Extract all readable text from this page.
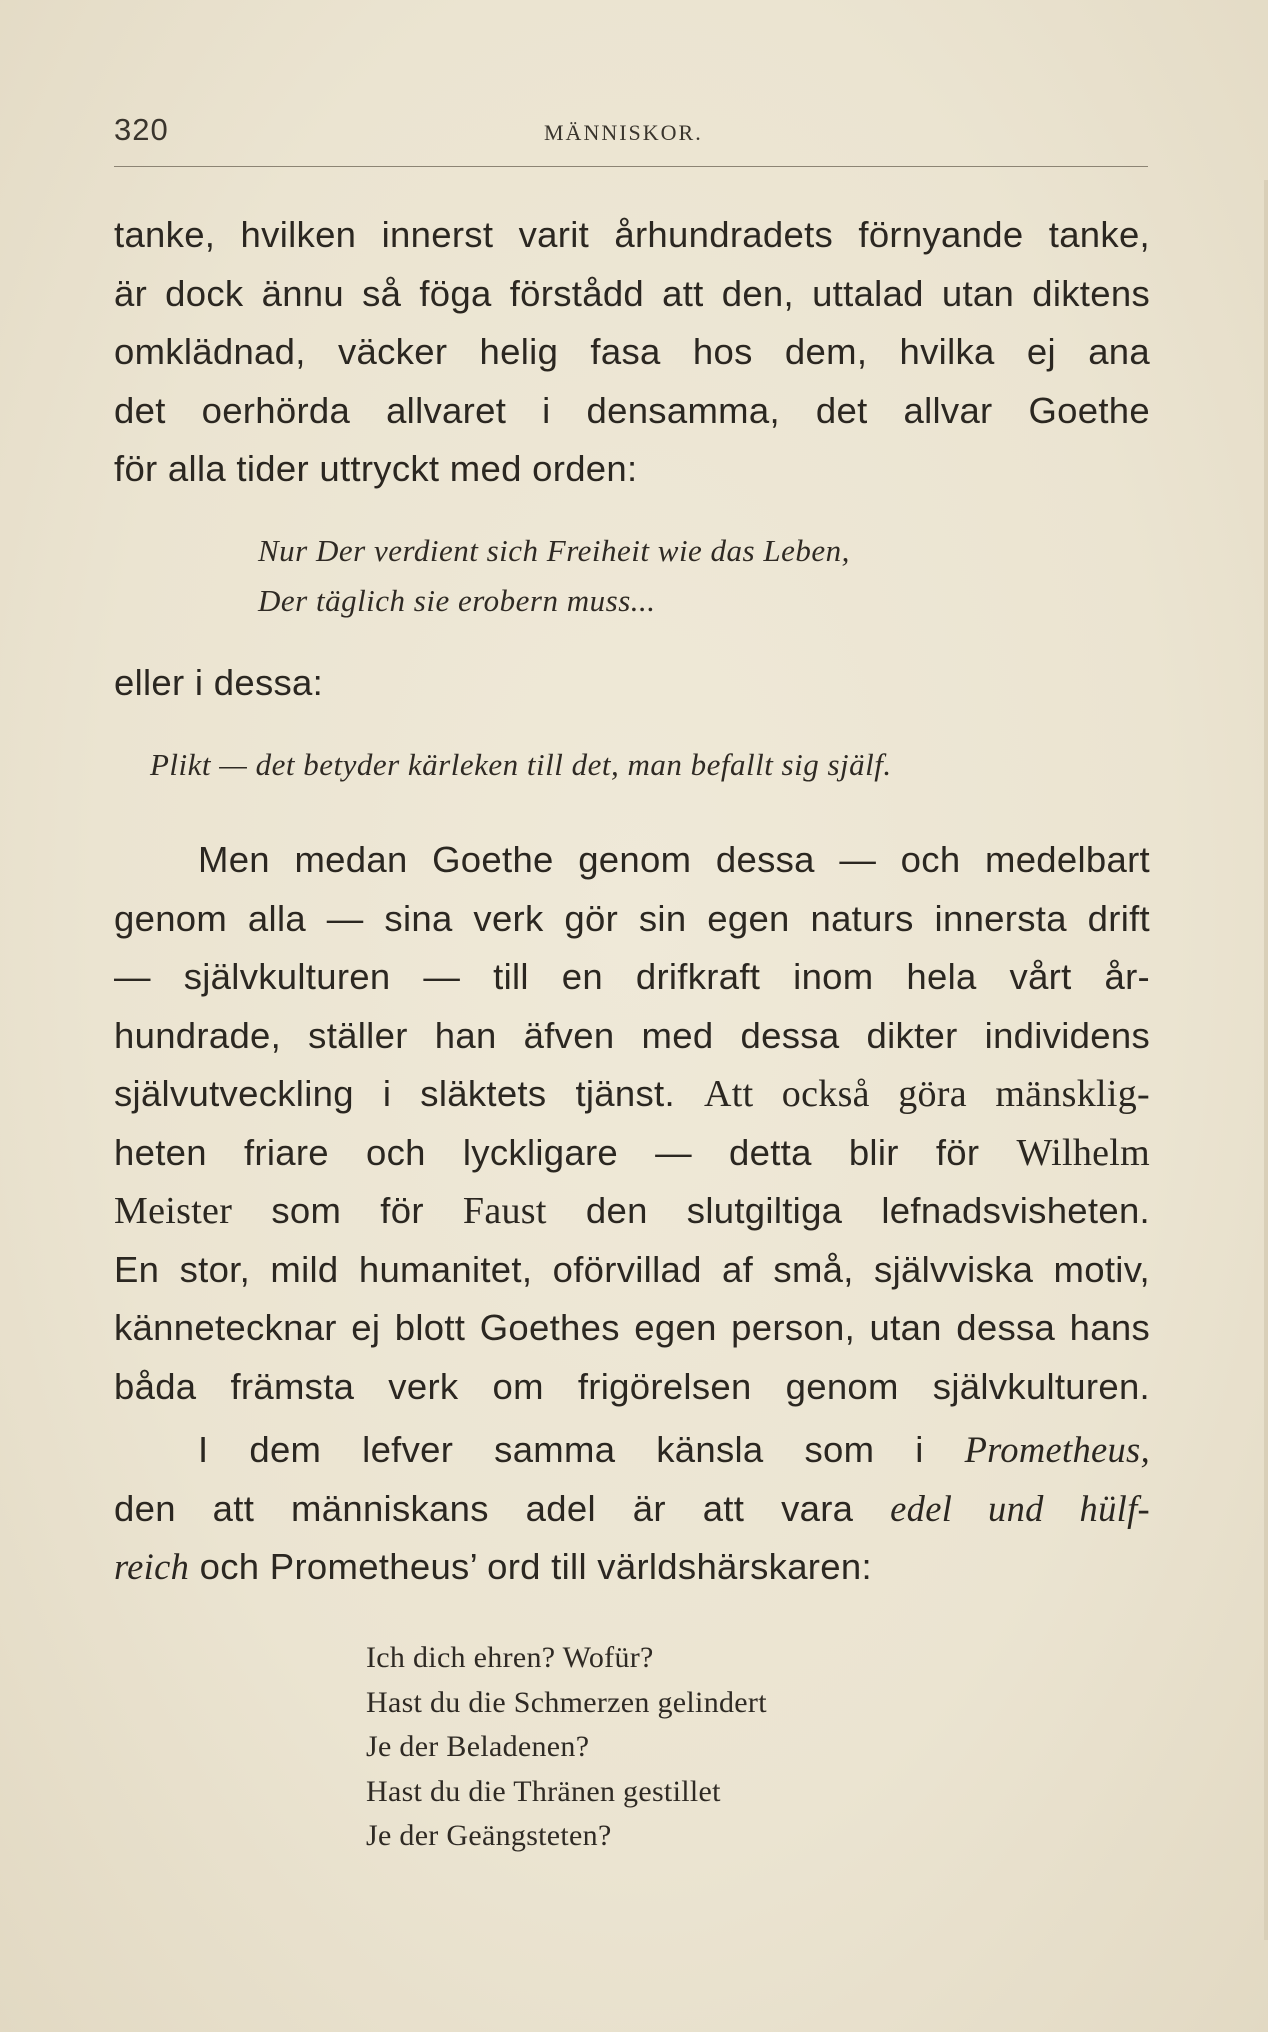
320	MÄNNISKOR.
tanke, hvilken innerst varit århundradets förnyande tanke,
är dock ännu så föga förstådd att den, uttalad utan diktens
omklädnad, väcker helig fasa hos dem, hvilka ej ana
det oerhörda allvaret i densamma, det allvar Goethe
för alla tider uttryckt med orden:
Nur Der verdient sich Freiheit wie das Leben,
Der täglich sie erobern muss...
eller i dessa:
Plikt — det betyder kärleken till det, man befallt sig själf.
Men medan Goethe genom dessa — och medelbart
genom alla — sina verk gör sin egen naturs innersta drift
— självkulturen — till en drifkraft inom hela vårt år-
hundrade, ställer han äfven med dessa dikter individens
självutveckling i släktets tjänst. Att också göra mänsklig-
heten friare och lyckligare — detta blir för Wilhelm
Meister som för Faust den slutgiltiga lefnadsvisheten.
En stor, mild humanitet, oförvillad af små, självviska motiv,
kännetecknar ej blott Goethes egen person, utan dessa hans
båda främsta verk om frigörelsen genom självkulturen.
I dem lefver samma känsla som i Prometheus,
den att människans adel är att vara edel und hülf-
reich och Prometheus’ ord till världshärskaren:
Ich dich ehren? Wofür?
Hast du die Schmerzen gelindert
Je der Beladenen?
Hast du die Thränen gestillet
Je der Geängsteten?
